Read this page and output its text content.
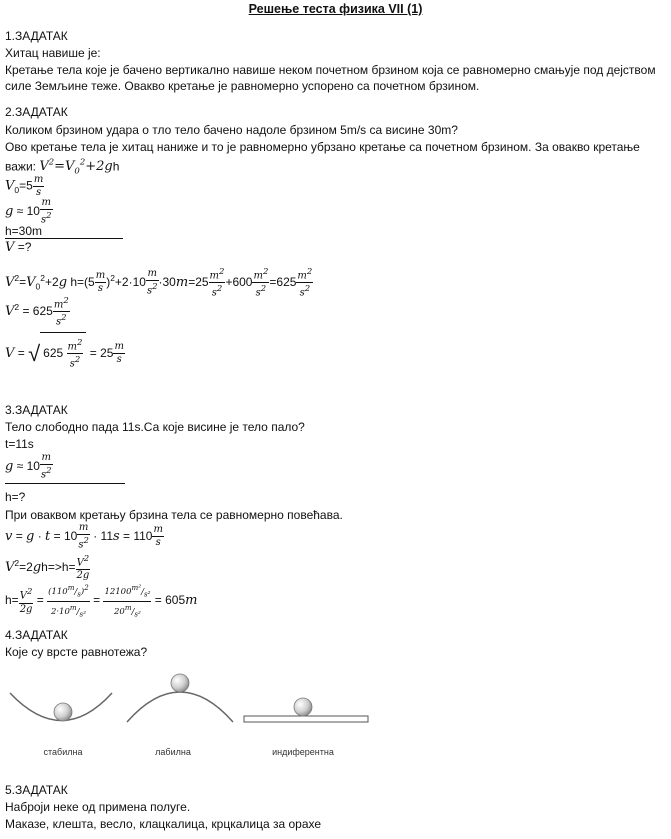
Решење теста физика VII (1)
1.ЗАДАТАК
Хитац навише је:
Кретање тела које је бачено вертикално навише неком почетном брзином која се равномерно смањује под дејством
силе Земљине теже. Овакво кретање је равномерно успорено са почетном брзином.
2.ЗАДАТАК
Коликом брзином удара о тло тело бачено надоле брзином 5m/s са висине 30m?
Ово кретање тела је хитац наниже и то је равномерно убрзано кретање са почетном брзином. За овакво кретање
важи: $V^2=V_0^2+2gh$
$V_0=5 \frac{m}{s}$
$g \approx 10 \frac{m}{s^2}$
h=30m
V =?
$V^2=V_0^2+2g$ $h=(5 \frac{m}{s} )^2+2\cdot 10 \frac{m}{s^2} \cdot 30m=25 \frac{m^2}{s^2} +600 \frac{m^2}{s^2} =625 \frac{m^2}{s^2}$
$V^2 = 625 \frac{m^2}{s^2}$
V = √ $625 \frac{m^2}{s^2} = 25 \frac{m}{s}$
3.ЗАДАТАК
Тело слободно пада 11s.Са које висине је тело пало?
t=11s
$g \approx 10 \frac{m}{s^2}$
h=?
При оваквом кретању брзина тела се равномерно повећава.
$v = g \cdot t = 10 \frac{m}{s^2} \cdot 11s = 110 \frac{m}{s}$
$V^2=2gh=>h= \frac{V^2}{2g}$
$h= \frac{V^2}{2g} = \frac{(110^m/_s)^2}{2\cdot 10^m/_{s^2}} = \frac{12100^{m^2}/_{s^2}}{20^m/_{s^2}} = 605m$
4.ЗАДАТАК
Које су врсте равнотежа?
стабилна	лабилна	индиферентна
5.ЗАДАТАК
Наброји неке од примена полуге.
Маказе, клешта, весло, клацкалица, крцкалица за орахе
